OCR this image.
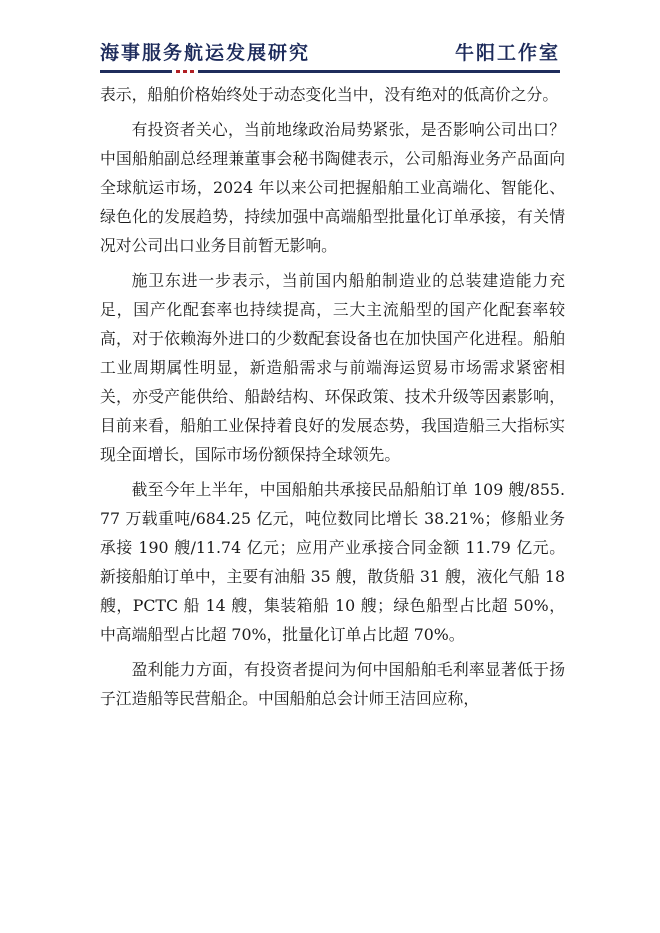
海事服务航运发展研究	牛阳工作室

表示，船舶价格始终处于动态变化当中，没有绝对的低高价之分。

有投资者关心，当前地缘政治局势紧张，是否影响公司出口？中国船舶副总经理兼董事会秘书陶健表示，公司船海业务产品面向全球航运市场，2024 年以来公司把握船舶工业高端化、智能化、绿色化的发展趋势，持续加强中高端船型批量化订单承接，有关情况对公司出口业务目前暂无影响。

施卫东进一步表示，当前国内船舶制造业的总装建造能力充足，国产化配套率也持续提高，三大主流船型的国产化配套率较高，对于依赖海外进口的少数配套设备也在加快国产化进程。船舶工业周期属性明显，新造船需求与前端海运贸易市场需求紧密相关，亦受产能供给、船龄结构、环保政策、技术升级等因素影响，目前来看，船舶工业保持着良好的发展态势，我国造船三大指标实现全面增长，国际市场份额保持全球领先。

截至今年上半年，中国船舶共承接民品船舶订单 109 艘/855.77 万载重吨/684.25 亿元，吨位数同比增长 38.21%；修船业务承接 190 艘/11.74 亿元；应用产业承接合同金额 11.79 亿元。新接船舶订单中，主要有油船 35 艘，散货船 31 艘，液化气船 18 艘，PCTC 船 14 艘，集装箱船 10 艘；绿色船型占比超 50%，中高端船型占比超 70%，批量化订单占比超 70%。

盈利能力方面，有投资者提问为何中国船舶毛利率显著低于扬子江造船等民营船企。中国船舶总会计师王洁回应称，
